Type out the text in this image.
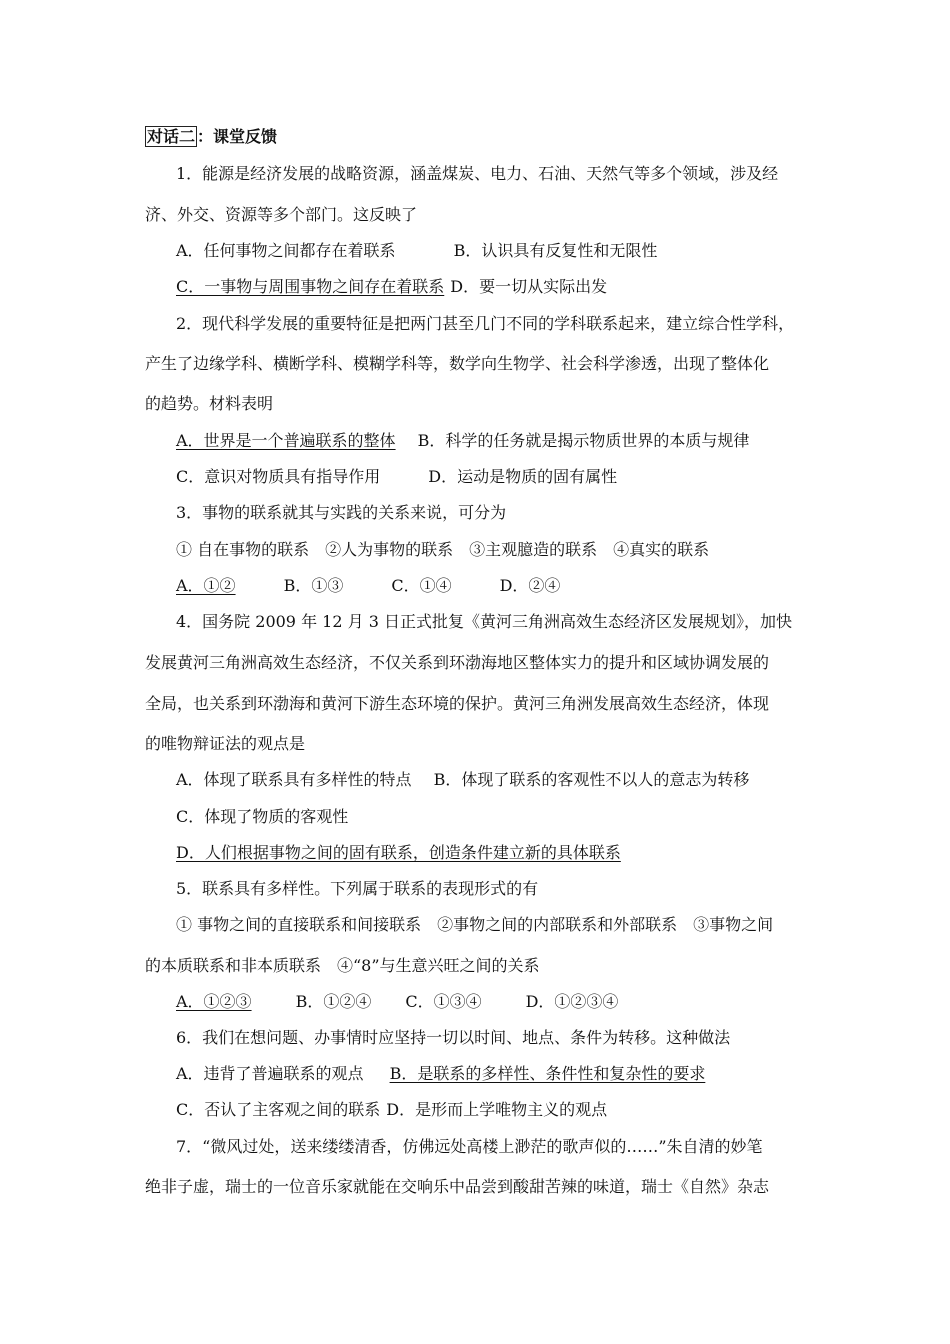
对话二 ：课堂反馈
1．能源是经济发展的战略资源，涵盖煤炭、电力、石油、天然气等多个领域，涉及经
济、外交、资源等多个部门。这反映了
A．任何事物之间都存在着联系	B．认识具有反复性和无限性
C．一事物与周围事物之间存在着联系 D．要一切从实际出发
2．现代科学发展的重要特征是把两门甚至几门不同的学科联系起来，建立综合性学科，
产生了边缘学科、横断学科、模糊学科等，数学向生物学、社会科学渗透，出现了整体化
的趋势。材料表明
A．世界是一个普遍联系的整体 B．科学的任务就是揭示物质世界的本质与规律
C．意识对物质具有指导作用	D．运动是物质的固有属性
3．事物的联系就其与实践的关系来说，可分为
① 自在事物的联系　②人为事物的联系　③主观臆造的联系　④真实的联系
A．①②	B．①③	C．①④	D．②④
4．国务院 2009 年 12 月 3 日正式批复《黄河三角洲高效生态经济区发展规划》，加快
发展黄河三角洲高效生态经济，不仅关系到环渤海地区整体实力的提升和区域协调发展的
全局，也关系到环渤海和黄河下游生态环境的保护。黄河三角洲发展高效生态经济，体现
的唯物辩证法的观点是
A．体现了联系具有多样性的特点 B．体现了联系的客观性不以人的意志为转移
C．体现了物质的客观性
D．人们根据事物之间的固有联系，创造条件建立新的具体联系
5．联系具有多样性。下列属于联系的表现形式的有
① 事物之间的直接联系和间接联系　②事物之间的内部联系和外部联系　③事物之间
的本质联系和非本质联系　④“8”与生意兴旺之间的关系
A．①②③	B．①②④ C．①③④	D．①②③④
6．我们在想问题、办事情时应坚持一切以时间、地点、条件为转移。这种做法
A．违背了普遍联系的观点 B．是联系的多样性、条件性和复杂性的要求
C．否认了主客观之间的联系 D．是形而上学唯物主义的观点
7．“微风过处，送来缕缕清香，仿佛远处高楼上渺茫的歌声似的……”朱自清的妙笔
绝非子虚，瑞士的一位音乐家就能在交响乐中品尝到酸甜苦辣的味道，瑞士《自然》杂志
